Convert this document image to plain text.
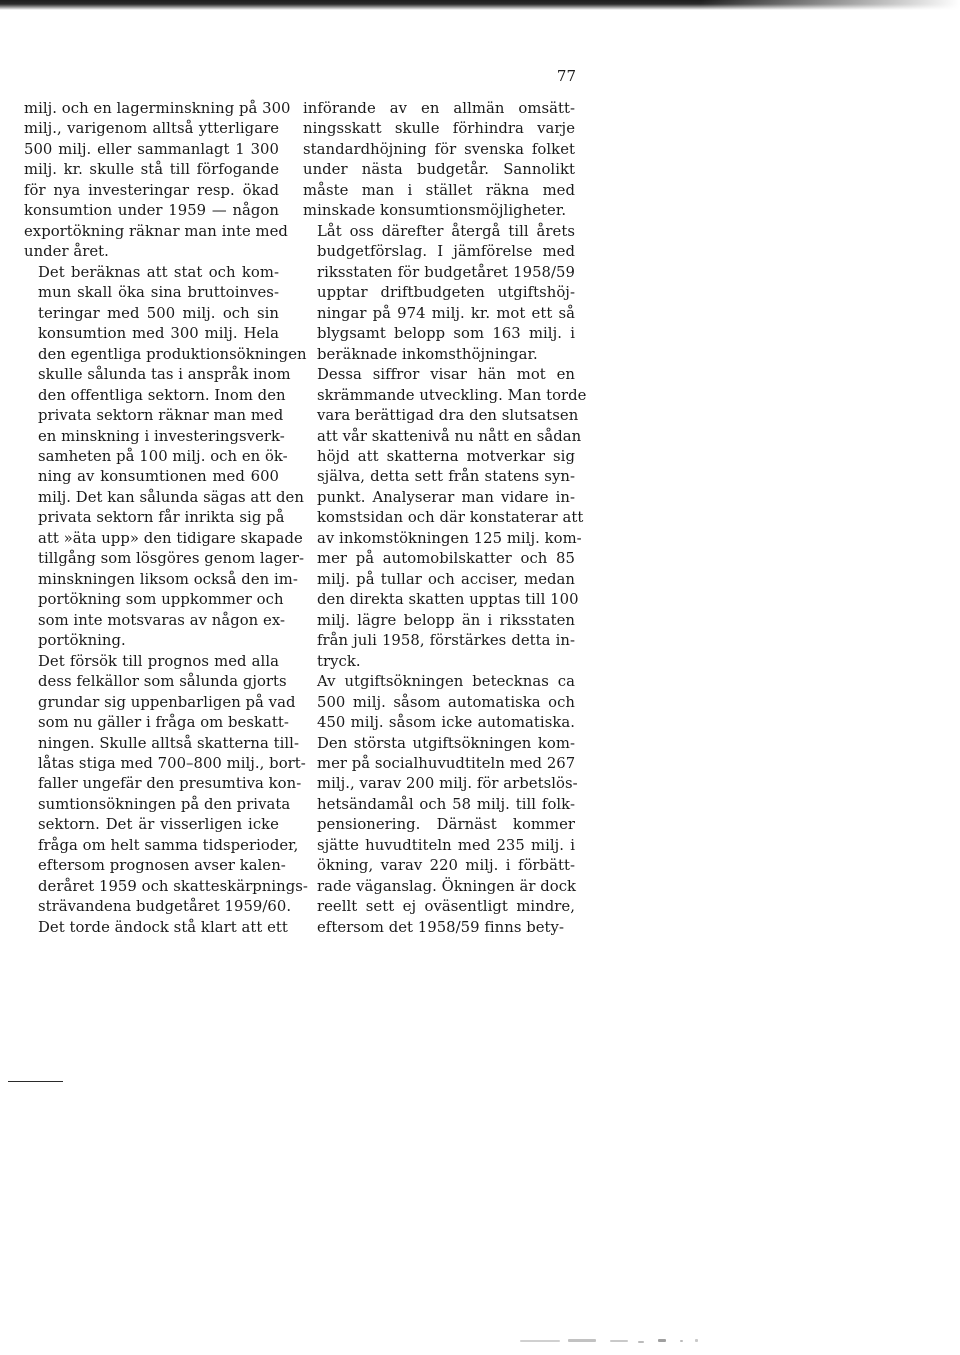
77

milj. och en lagerminskning på 300
milj., varigenom alltså ytterligare
500 milj. eller sammanlagt 1 300
milj. kr. skulle stå till förfogande
för nya investeringar resp. ökad
konsumtion under 1959 — någon
exportökning räknar man inte med
under året.

Det beräknas att stat och kom-
mun skall öka sina bruttoinves-
teringar med 500 milj. och sin
konsumtion med 300 milj. Hela
den egentliga produktionsökningen
skulle sålunda tas i anspråk inom
den offentliga sektorn. Inom den
privata sektorn räknar man med
en minskning i investeringsverk-
samheten på 100 milj. och en ök-
ning av konsumtionen med 600
milj. Det kan sålunda sägas att den
privata sektorn får inrikta sig på
att »äta upp» den tidigare skapade
tillgång som lösgöres genom lager-
minskningen liksom också den im-
portökning som uppkommer och
som inte motsvaras av någon ex-
portökning.

Det försök till prognos med alla
dess felkällor som sålunda gjorts
grundar sig uppenbarligen på vad
som nu gäller i fråga om beskatt-
ningen. Skulle alltså skatterna till-
låtas stiga med 700–800 milj., bort-
faller ungefär den presumtiva kon-
sumtionsökningen på den privata
sektorn. Det är visserligen icke
fråga om helt samma tidsperioder,
eftersom prognosen avser kalen-
deråret 1959 och skatteskärpnings-
strävandena budgetåret 1959/60.
Det torde ändock stå klart att ett

införande av en allmän omsätt-
ningsskatt skulle förhindra varje
standardhöjning för svenska folket
under nästa budgetår. Sannolikt
måste man i stället räkna med
minskade konsumtionsmöjligheter.

Låt oss därefter återgå till årets
budgetförslag. I jämförelse med
riksstaten för budgetåret 1958/59
upptar driftbudgeten utgiftshöj-
ningar på 974 milj. kr. mot ett så
blygsamt belopp som 163 milj. i
beräknade inkomsthöjningar.

Dessa siffror visar hän mot en
skrämmande utveckling. Man torde
vara berättigad dra den slutsatsen
att vår skattenivå nu nått en sådan
höjd att skatterna motverkar sig
själva, detta sett från statens syn-
punkt. Analyserar man vidare in-
komstsidan och där konstaterar att
av inkomstökningen 125 milj. kom-
mer på automobilskatter och 85
milj. på tullar och acciser, medan
den direkta skatten upptas till 100
milj. lägre belopp än i riksstaten
från juli 1958, förstärkes detta in-
tryck.

Av utgiftsökningen betecknas ca
500 milj. såsom automatiska och
450 milj. såsom icke automatiska.
Den största utgiftsökningen kom-
mer på socialhuvudtiteln med 267
milj., varav 200 milj. för arbetslös-
hetsändamål och 58 milj. till folk-
pensionering. Därnäst kommer
sjätte huvudtiteln med 235 milj. i
ökning, varav 220 milj. i förbätt-
rade väganslag. Ökningen är dock
reellt sett ej oväsentligt mindre,
eftersom det 1958/59 finns bety-
